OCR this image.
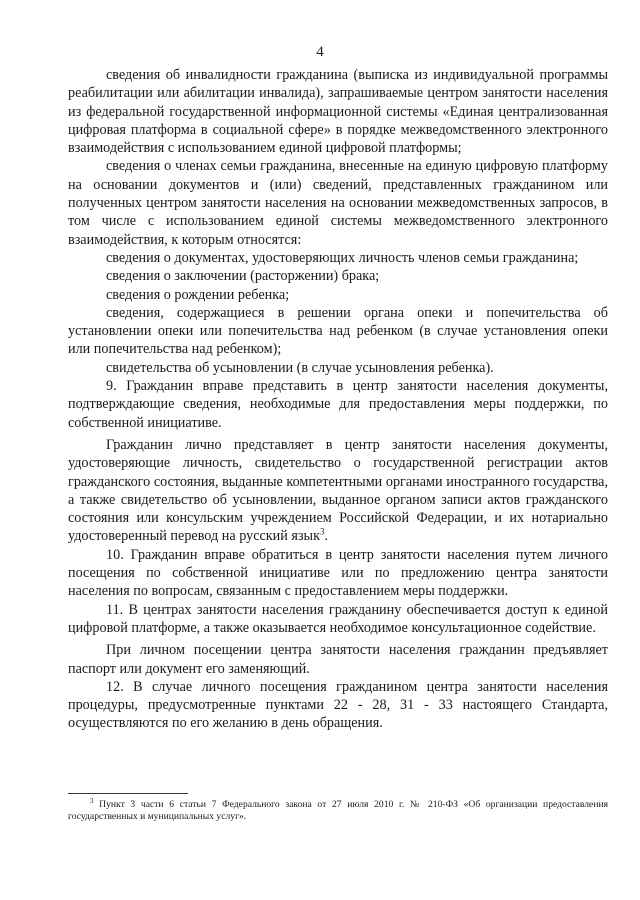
4

сведения об инвалидности гражданина (выписка из индивидуальной программы реабилитации или абилитации инвалида), запрашиваемые центром занятости населения из федеральной государственной информационной системы «Единая централизованная цифровая платформа в социальной сфере» в порядке межведомственного электронного взаимодействия с использованием единой цифровой платформы;

сведения о членах семьи гражданина, внесенные на единую цифровую платформу на основании документов и (или) сведений, представленных гражданином или полученных центром занятости населения на основании межведомственных запросов, в том числе с использованием единой системы межведомственного электронного взаимодействия, к которым относятся:

сведения о документах, удостоверяющих личность членов семьи гражданина;

сведения о заключении (расторжении) брака;

сведения о рождении ребенка;

сведения, содержащиеся в решении органа опеки и попечительства об установлении опеки или попечительства над ребенком (в случае установления опеки или попечительства над ребенком);

свидетельства об усыновлении (в случае усыновления ребенка).

9. Гражданин вправе представить в центр занятости населения документы, подтверждающие сведения, необходимые для предоставления меры поддержки, по собственной инициативе.

Гражданин лично представляет в центр занятости населения документы, удостоверяющие личность, свидетельство о государственной регистрации актов гражданского состояния, выданные компетентными органами иностранного государства, а также свидетельство об усыновлении, выданное органом записи актов гражданского состояния или консульским учреждением Российской Федерации, и их нотариально удостоверенный перевод на русский язык$^3$.

10. Гражданин вправе обратиться в центр занятости населения путем личного посещения по собственной инициативе или по предложению центра занятости населения по вопросам, связанным с предоставлением меры поддержки.

11. В центрах занятости населения гражданину обеспечивается доступ к единой цифровой платформе, а также оказывается необходимое консультационное содействие.

При личном посещении центра занятости населения гражданин предъявляет паспорт или документ его заменяющий.

12. В случае личного посещения гражданином центра занятости населения процедуры, предусмотренные пунктами 22 - 28, 31 - 33 настоящего Стандарта, осуществляются по его желанию в день обращения.

$^3$ Пункт 3 части 6 статьи 7 Федерального закона от 27 июля 2010 г. № 210-ФЗ «Об организации предоставления государственных и муниципальных услуг».
